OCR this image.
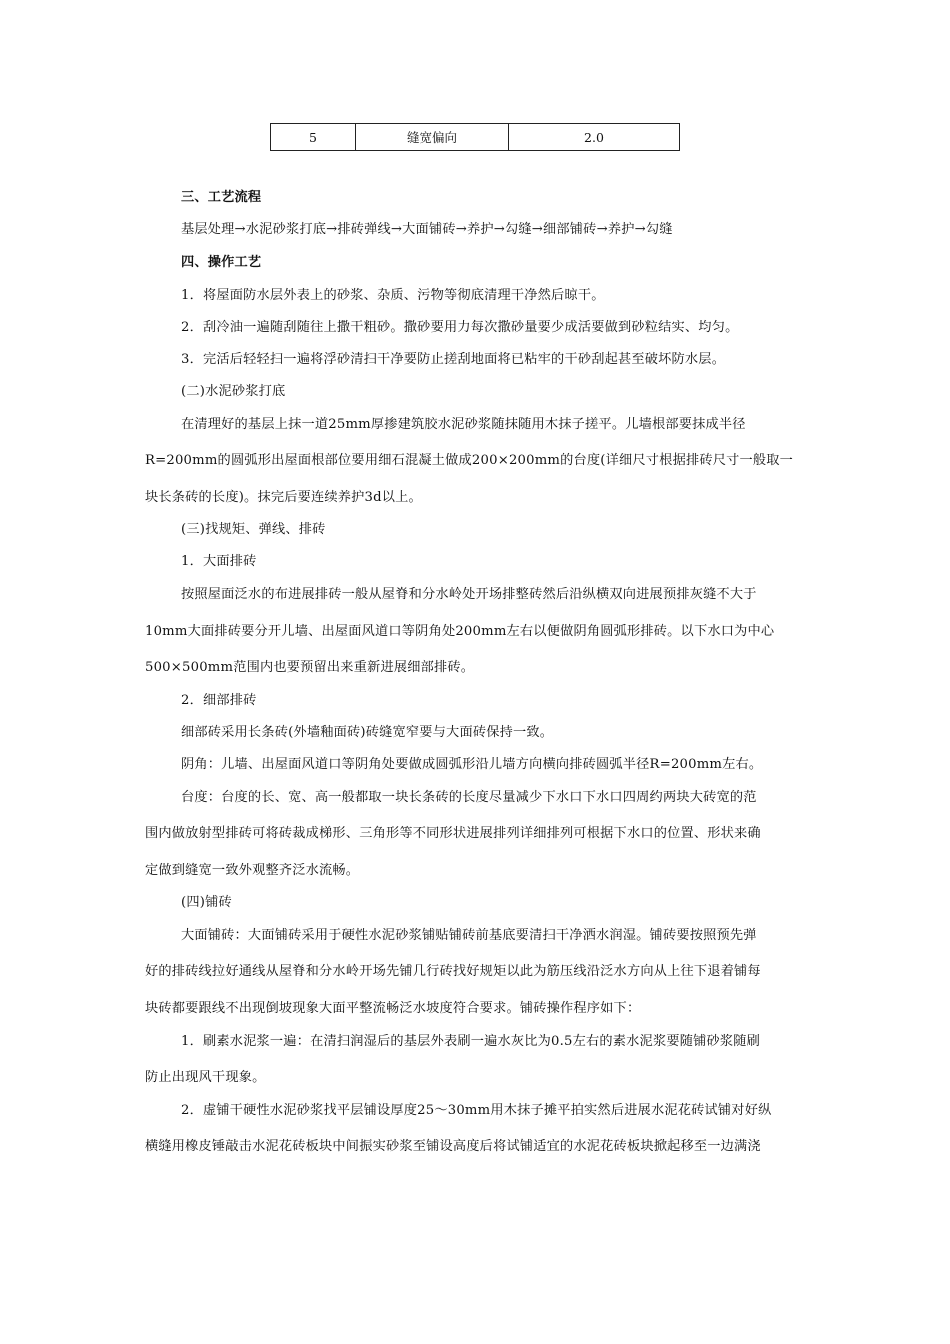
5	缝宽偏向	2.0
三、工艺流程
基层处理→水泥砂浆打底→排砖弹线→大面铺砖→养护→勾缝→细部铺砖→养护→勾缝
四、操作工艺
1．将屋面防水层外表上的砂浆、杂质、污物等彻底清理干净然后晾干。
2．刮冷油一遍随刮随往上撒干粗砂。撒砂要用力每次撒砂量要少成活要做到砂粒结实、均匀。
3．完活后轻轻扫一遍将浮砂清扫干净要防止搓刮地面将已粘牢的干砂刮起甚至破坏防水层。
(二)水泥砂浆打底
在清理好的基层上抹一道25mm厚掺建筑胶水泥砂浆随抹随用木抹子搓平。儿墙根部要抹成半径
R=200mm的圆弧形出屋面根部位要用细石混凝土做成200×200mm的台度(详细尺寸根据排砖尺寸一般取一
块长条砖的长度)。抹完后要连续养护3d以上。
(三)找规矩、弹线、排砖
1．大面排砖
按照屋面泛水的布进展排砖一般从屋脊和分水岭处开场排整砖然后沿纵横双向进展预排灰缝不大于
10mm大面排砖要分开儿墙、出屋面风道口等阴角处200mm左右以便做阴角圆弧形排砖。以下水口为中心
500×500mm范围内也要预留出来重新进展细部排砖。
2．细部排砖
细部砖采用长条砖(外墙釉面砖)砖缝宽窄要与大面砖保持一致。
阴角：儿墙、出屋面风道口等阴角处要做成圆弧形沿儿墙方向横向排砖圆弧半径R=200mm左右。
台度：台度的长、宽、高一般都取一块长条砖的长度尽量减少下水口下水口四周约两块大砖宽的范
围内做放射型排砖可将砖裁成梯形、三角形等不同形状进展排列详细排列可根据下水口的位置、形状来确
定做到缝宽一致外观整齐泛水流畅。
(四)铺砖
大面铺砖：大面铺砖采用于硬性水泥砂浆铺贴铺砖前基底要清扫干净洒水润湿。铺砖要按照预先弹
好的排砖线拉好通线从屋脊和分水岭开场先铺几行砖找好规矩以此为筋压线沿泛水方向从上往下退着铺每
块砖都要跟线不出现倒坡现象大面平整流畅泛水坡度符合要求。铺砖操作程序如下：
1．刷素水泥浆一遍：在清扫润湿后的基层外表刷一遍水灰比为0.5左右的素水泥浆要随铺砂浆随刷
防止出现风干现象。
2．虚铺干硬性水泥砂浆找平层铺设厚度25～30mm用木抹子摊平拍实然后进展水泥花砖试铺对好纵
横缝用橡皮锤敲击水泥花砖板块中间振实砂浆至铺设高度后将试铺适宜的水泥花砖板块掀起移至一边满浇
